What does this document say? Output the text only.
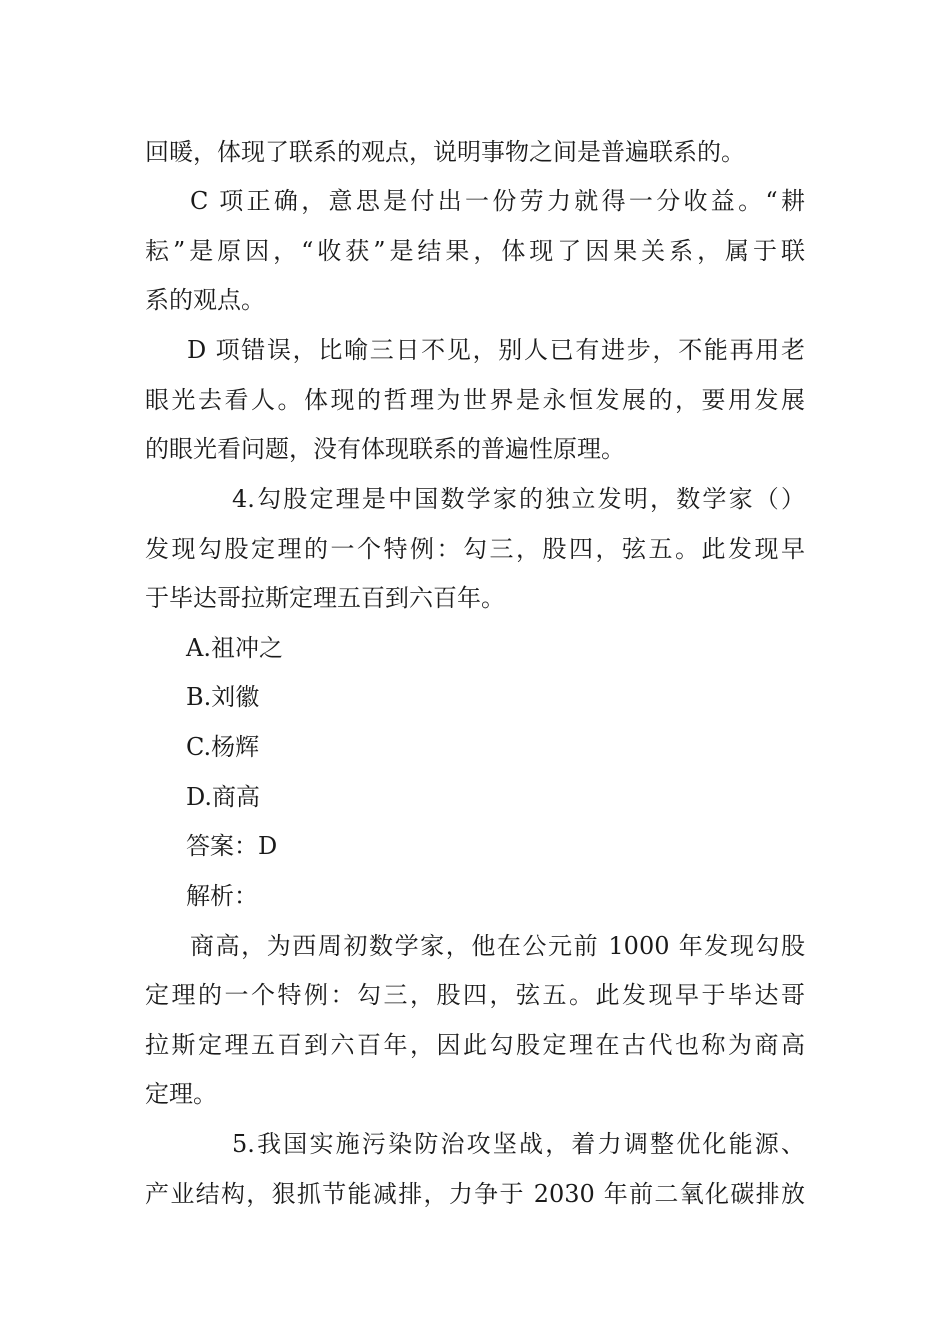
回暖，体现了联系的观点，说明事物之间是普遍联系的。
C 项正确，意思是付出一份劳力就得一分收益。“耕
耘”是原因，“收获”是结果，体现了因果关系，属于联
系的观点。
D 项错误，比喻三日不见，别人已有进步，不能再用老
眼光去看人。体现的哲理为世界是永恒发展的，要用发展
的眼光看问题，没有体现联系的普遍性原理。
4.勾股定理是中国数学家的独立发明，数学家（）
发现勾股定理的一个特例：勾三，股四，弦五。此发现早
于毕达哥拉斯定理五百到六百年。
A.祖冲之
B.刘徽
C.杨辉
D.商高
答案：D
解析：
商高，为西周初数学家，他在公元前 1000 年发现勾股
定理的一个特例：勾三，股四，弦五。此发现早于毕达哥
拉斯定理五百到六百年，因此勾股定理在古代也称为商高
定理。
5.我国实施污染防治攻坚战，着力调整优化能源、
产业结构，狠抓节能减排，力争于 2030 年前二氧化碳排放
